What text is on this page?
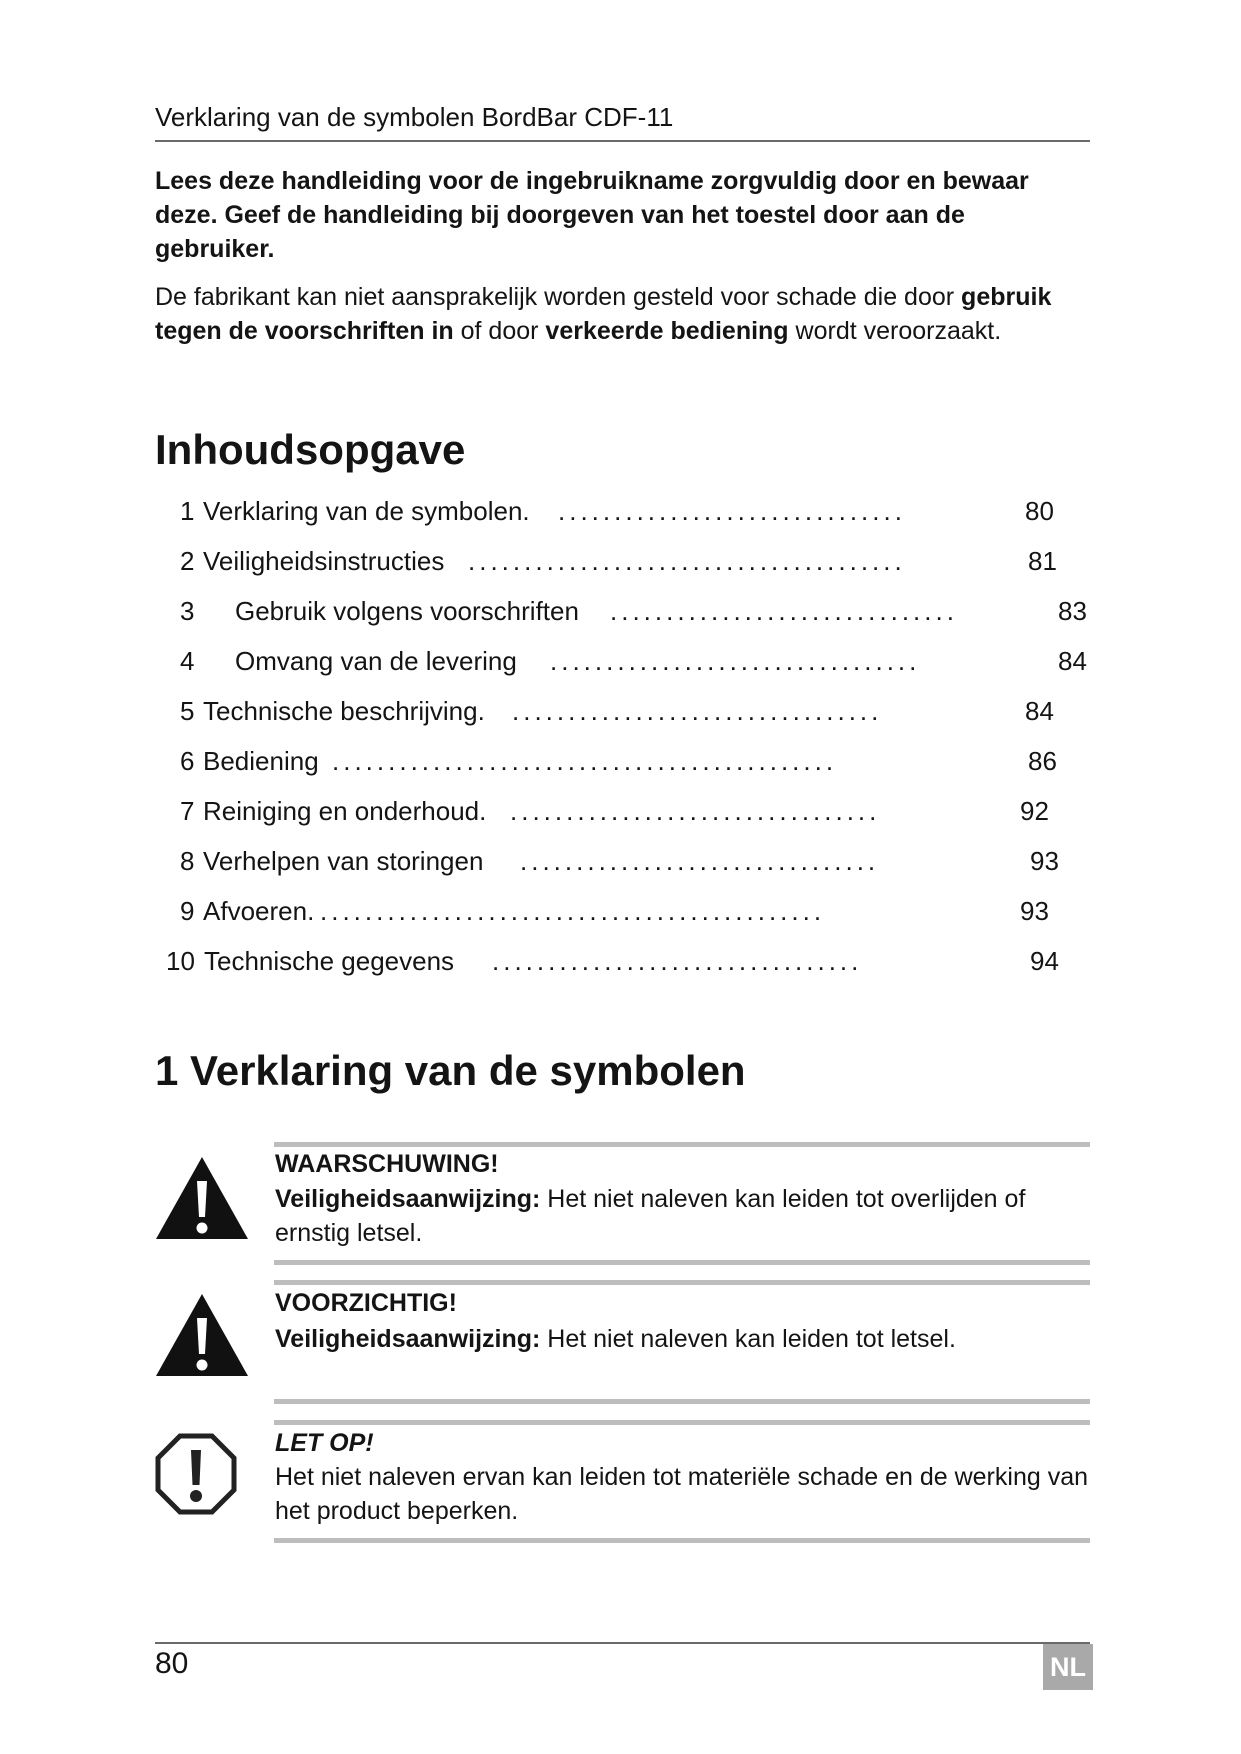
Verklaring van de symbolen BordBar CDF-11
Lees deze handleiding voor de ingebruikname zorgvuldig door en bewaar deze. Geef de handleiding bij doorgeven van het toestel door aan de gebruiker.
De fabrikant kan niet aansprakelijk worden gesteld voor schade die door gebruik tegen de voorschriften in of door verkeerde bediening wordt veroorzaakt.
Inhoudsopgave
1 Verklaring van de symbolen. ...............................	80
2 Veiligheidsinstructies .......................................	81
3 Gebruik volgens voorschriften ...............................	83
4 Omvang van de levering .................................	84
5 Technische beschrijving. .................................	84
6 Bediening .............................................	86
7 Reiniging en onderhoud. .................................	92
8 Verhelpen van storingen ................................	93
9 Afvoeren. .............................................	93
10 Technische gegevens .................................	94
1 Verklaring van de symbolen
WAARSCHUWING!
Veiligheidsaanwijzing: Het niet naleven kan leiden tot overlijden of ernstig letsel.
VOORZICHTIG!
Veiligheidsaanwijzing: Het niet naleven kan leiden tot letsel.
LET OP!
Het niet naleven ervan kan leiden tot materiële schade en de werking van het product beperken.
80	NL
